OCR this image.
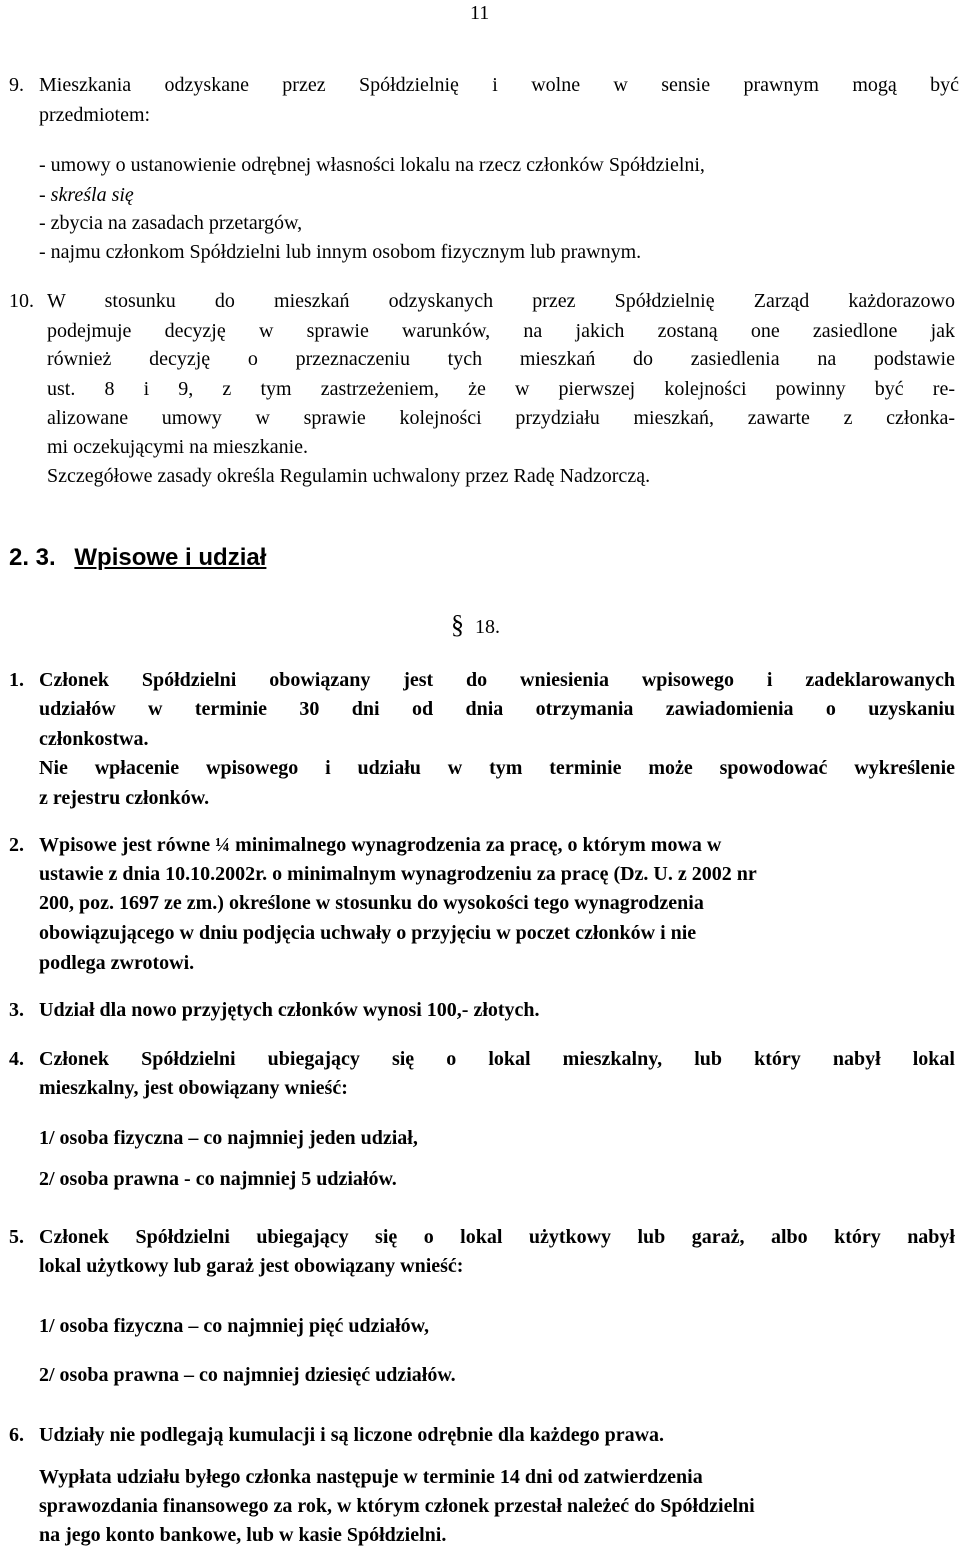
11
9. Mieszkania odzyskane przez Spółdzielnię i wolne w sensie prawnym mogą być
przedmiotem:
- umowy o ustanowienie odrębnej własności lokalu na rzecz członków Spółdzielni,
- skreśla się
- zbycia na zasadach przetargów,
- najmu członkom Spółdzielni lub innym osobom fizycznym lub prawnym.
10. W stosunku do mieszkań odzyskanych przez Spółdzielnię Zarząd każdorazowo
podejmuje decyzję w sprawie warunków, na jakich zostaną one zasiedlone jak
również decyzję o przeznaczeniu tych mieszkań do zasiedlenia na podstawie
ust. 8 i 9, z tym zastrzeżeniem, że w pierwszej kolejności powinny być re-
alizowane umowy w sprawie kolejności przydziału mieszkań, zawarte z członka-
mi oczekującymi na mieszkanie.
Szczegółowe zasady określa Regulamin uchwalony przez Radę Nadzorczą.
2. 3. Wpisowe i udział
§ 18.
1. Członek Spółdzielni obowiązany jest do wniesienia wpisowego i zadeklarowanych
udziałów w terminie 30 dni od dnia otrzymania zawiadomienia o uzyskaniu
członkostwa.
Nie wpłacenie wpisowego i udziału w tym terminie może spowodować wykreślenie
z rejestru członków.
2. Wpisowe jest równe ¼ minimalnego wynagrodzenia za pracę, o którym mowa w
ustawie z dnia 10.10.2002r. o minimalnym wynagrodzeniu za pracę (Dz. U. z 2002 nr
200, poz. 1697 ze zm.) określone w stosunku do wysokości tego wynagrodzenia
obowiązującego w dniu podjęcia uchwały o przyjęciu w poczet członków i nie
podlega zwrotowi.
3. Udział dla nowo przyjętych członków wynosi 100,- złotych.
4. Członek Spółdzielni ubiegający się o lokal mieszkalny, lub który nabył lokal
mieszkalny, jest obowiązany wnieść:
1/ osoba fizyczna – co najmniej jeden udział,
2/ osoba prawna - co najmniej 5 udziałów.
5. Członek Spółdzielni ubiegający się o lokal użytkowy lub garaż, albo który nabył
lokal użytkowy lub garaż jest obowiązany wnieść:
1/ osoba fizyczna – co najmniej pięć udziałów,
2/ osoba prawna – co najmniej dziesięć udziałów.
6. Udziały nie podlegają kumulacji i są liczone odrębnie dla każdego prawa.
Wypłata udziału byłego członka następuje w terminie 14 dni od zatwierdzenia
sprawozdania finansowego za rok, w którym członek przestał należeć do Spółdzielni
na jego konto bankowe, lub w kasie Spółdzielni.
